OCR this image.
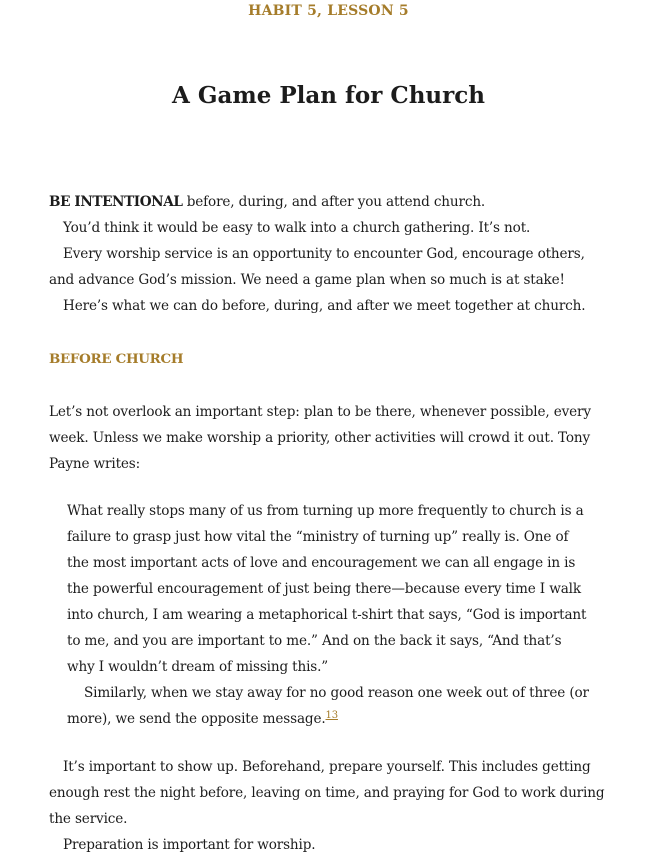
HABIT 5, LESSON 5
A Game Plan for Church

BE INTENTIONAL before, during, and after you attend church.

You’d think it would be easy to walk into a church gathering. It’s not.

Every worship service is an opportunity to encounter God, encourage others, and advance God’s mission. We need a game plan when so much is at stake!

Here’s what we can do before, during, and after we meet together at church.

BEFORE CHURCH

Let’s not overlook an important step: plan to be there, whenever possible, every week. Unless we make worship a priority, other activities will crowd it out. Tony Payne writes:

What really stops many of us from turning up more frequently to church is a failure to grasp just how vital the “ministry of turning up” really is. One of the most important acts of love and encouragement we can all engage in is the powerful encouragement of just being there—because every time I walk into church, I am wearing a metaphorical t-shirt that says, “God is important to me, and you are important to me.” And on the back it says, “And that’s why I wouldn’t dream of missing this.”

Similarly, when we stay away for no good reason one week out of three (or more), we send the opposite message.$^{13}$

It’s important to show up. Beforehand, prepare yourself. This includes getting enough rest the night before, leaving on time, and praying for God to work during the service.

Preparation is important for worship.
